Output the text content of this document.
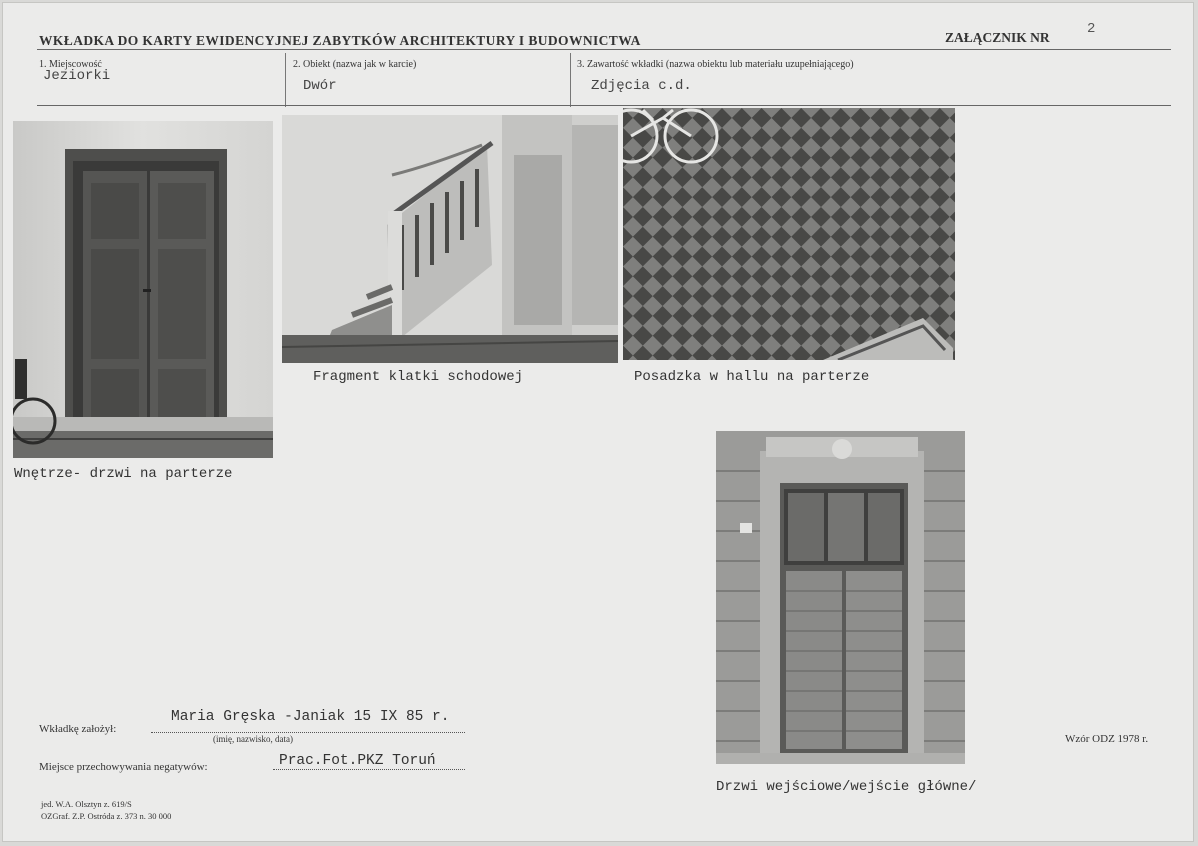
WKŁADKA DO KARTY EWIDENCYJNEJ ZABYTKÓW ARCHITEKTURY I BUDOWNICTWA	ZAŁĄCZNIK NR
2
1. Miejscowość
Jeziorki
2. Obiekt (nazwa jak w karcie)
Dwór
3. Zawartość wkładki (nazwa obiektu lub materiału uzupełniającego)
Zdjęcia c.d.
Wnętrze- drzwi na parterze
Fragment klatki schodowej	Posadzka w hallu na parterze
Drzwi wejściowe/wejście główne/
Wkładkę założył:
Maria Gręska -Janiak 15 IX 85 r.
(imię, nazwisko, data)
Miejsce przechowywania negatywów:	Prac.Fot.PKZ Toruń
Wzór ODZ 1978 r.
jed. W.A. Olsztyn z. 619/S
OZGraf. Z.P. Ostróda z. 373 n. 30 000
